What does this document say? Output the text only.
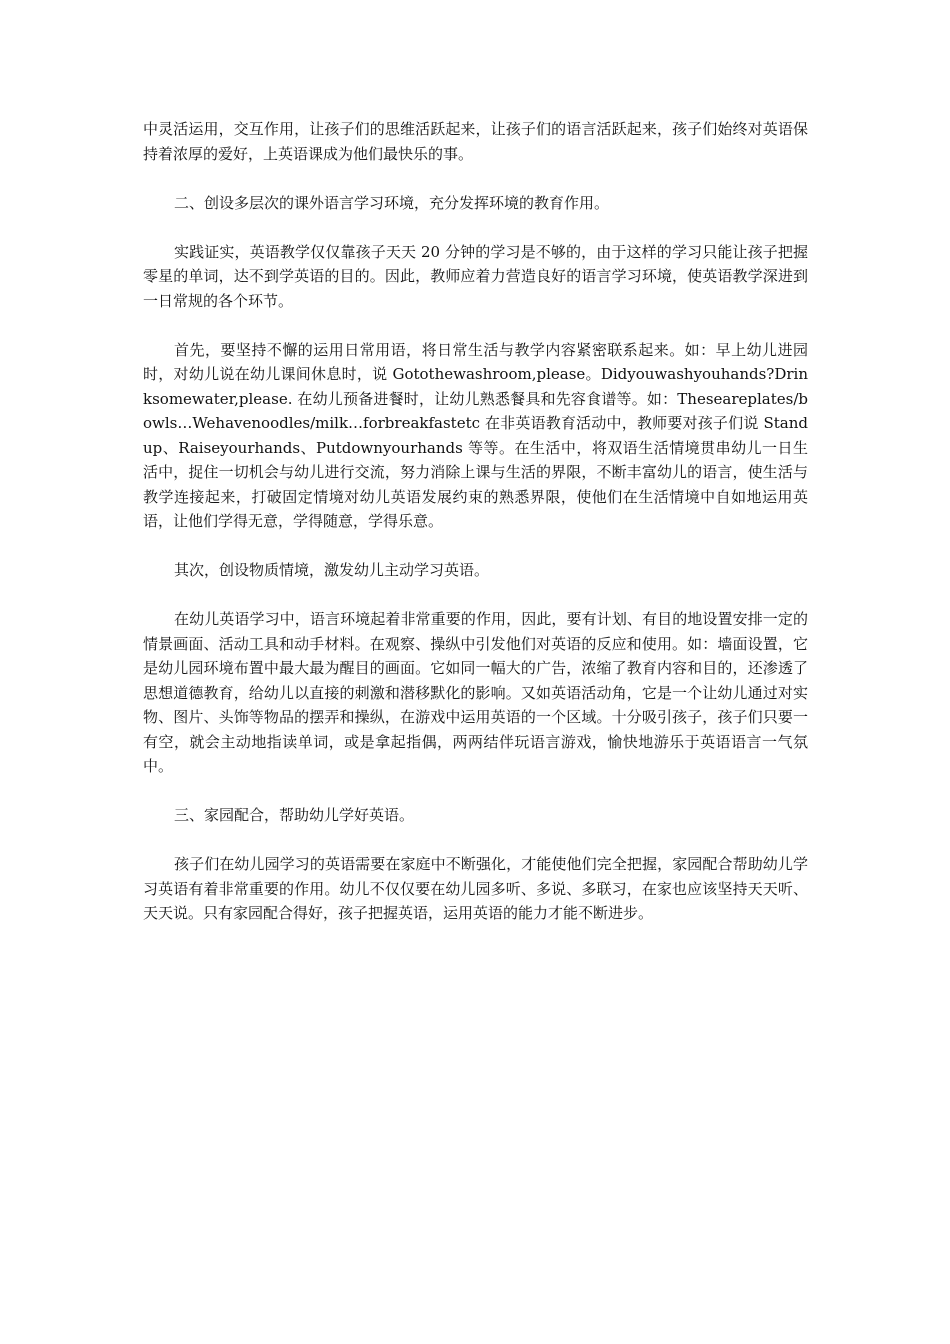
中灵活运用，交互作用，让孩子们的思维活跃起来，让孩子们的语言活跃起来，孩子们始终对英语保持着浓厚的爱好，上英语课成为他们最快乐的事。

二、创设多层次的课外语言学习环境，充分发挥环境的教育作用。

实践证实，英语教学仅仅靠孩子天天 20 分钟的学习是不够的，由于这样的学习只能让孩子把握零星的单词，达不到学英语的目的。因此，教师应着力营造良好的语言学习环境，使英语教学深进到一日常规的各个环节。

首先，要坚持不懈的运用日常用语，将日常生活与教学内容紧密联系起来。如：早上幼儿进园时，对幼儿说在幼儿课间休息时，说 Gotothewashroom,please。Didyouwashyouhands?Drinksomewater,please. 在幼儿预备进餐时，让幼儿熟悉餐具和先容食谱等。如：Theseareplates/bowls…Wehavenoodles/milk…forbreakfastetc 在非英语教育活动中，教师要对孩子们说 Standup、Raiseyourhands、Putdownyourhands 等等。在生活中，将双语生活情境贯串幼儿一日生活中，捉住一切机会与幼儿进行交流，努力消除上课与生活的界限，不断丰富幼儿的语言，使生活与教学连接起来，打破固定情境对幼儿英语发展约束的熟悉界限，使他们在生活情境中自如地运用英语，让他们学得无意，学得随意，学得乐意。

其次，创设物质情境，激发幼儿主动学习英语。

在幼儿英语学习中，语言环境起着非常重要的作用，因此，要有计划、有目的地设置安排一定的情景画面、活动工具和动手材料。在观察、操纵中引发他们对英语的反应和使用。如：墙面设置，它是幼儿园环境布置中最大最为醒目的画面。它如同一幅大的广告，浓缩了教育内容和目的，还渗透了思想道德教育，给幼儿以直接的刺激和潜移默化的影响。又如英语活动角，它是一个让幼儿通过对实物、图片、头饰等物品的摆弄和操纵，在游戏中运用英语的一个区域。十分吸引孩子，孩子们只要一有空，就会主动地指读单词，或是拿起指偶，两两结伴玩语言游戏，愉快地游乐于英语语言一气氛中。

三、家园配合，帮助幼儿学好英语。

孩子们在幼儿园学习的英语需要在家庭中不断强化，才能使他们完全把握，家园配合帮助幼儿学习英语有着非常重要的作用。幼儿不仅仅要在幼儿园多听、多说、多联习，在家也应该坚持天天听、天天说。只有家园配合得好，孩子把握英语，运用英语的能力才能不断进步。
